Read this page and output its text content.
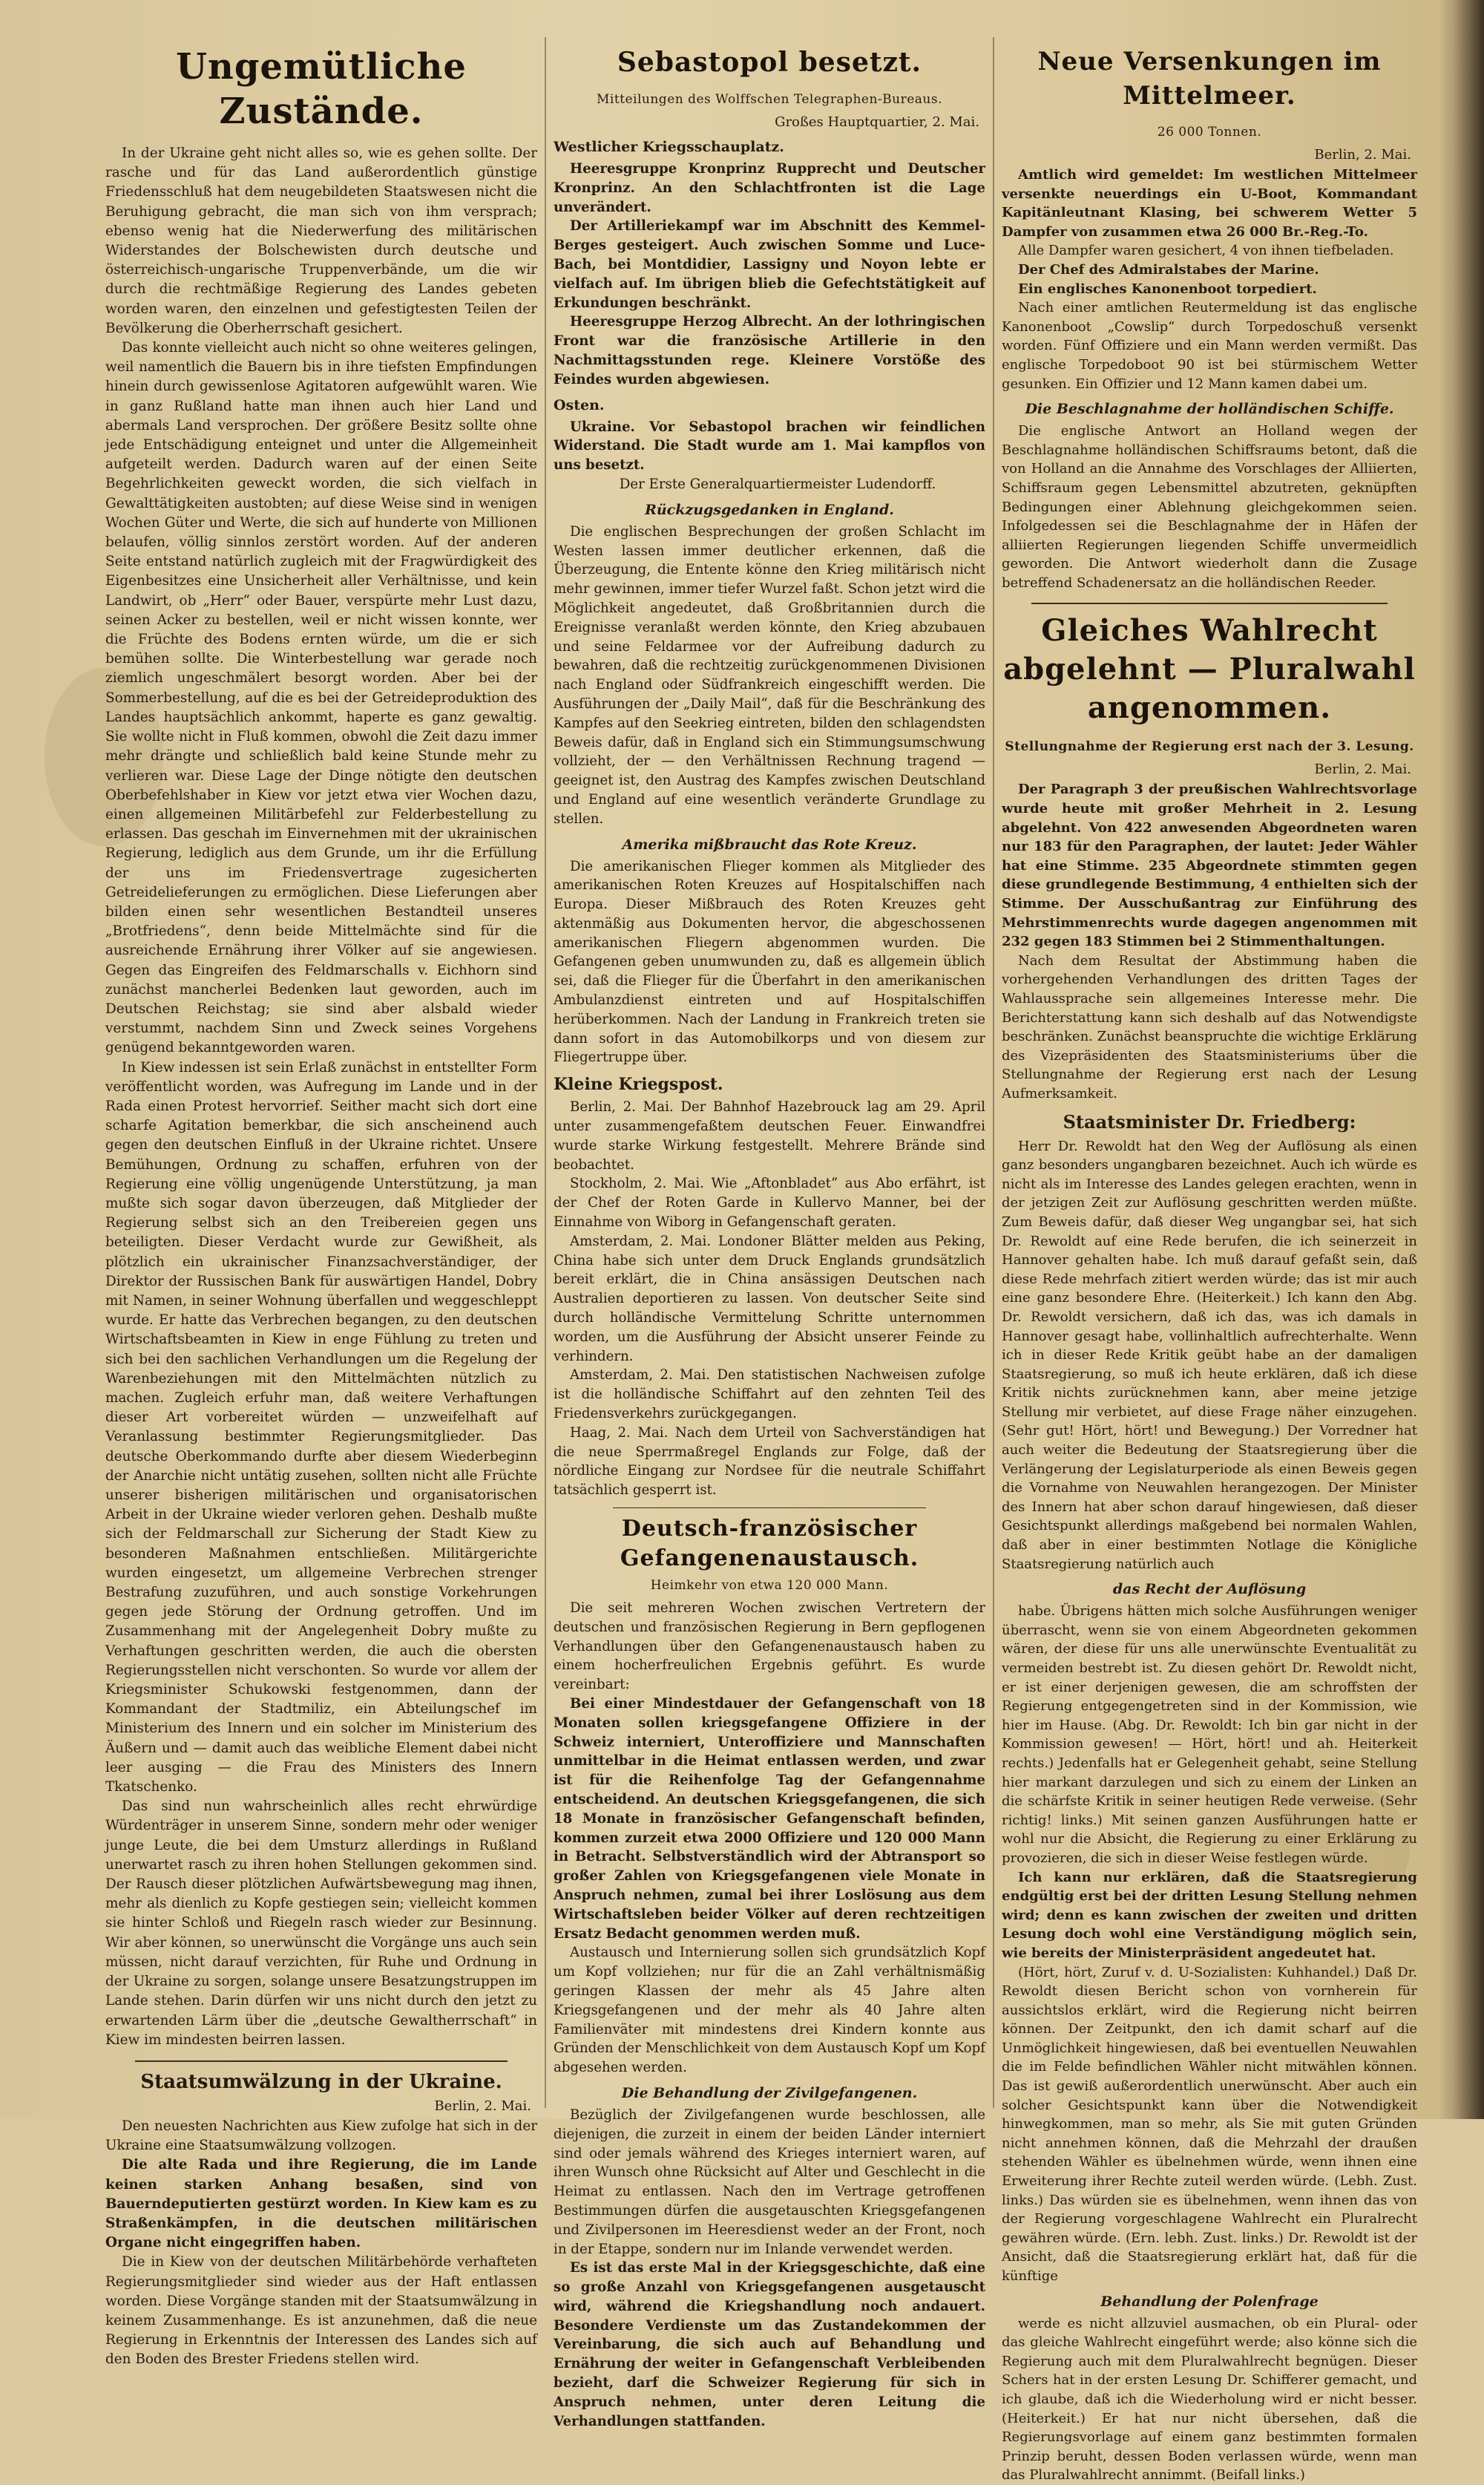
Ungemütliche Zustände.

In der Ukraine geht nicht alles so, wie es gehen sollte. Der rasche und für das Land außerordentlich günstige Friedensschluß hat dem neugebildeten Staatswesen nicht die Beruhigung gebracht, die man sich von ihm versprach; ebenso wenig hat die Niederwerfung des militärischen Widerstandes der Bolschewisten durch deutsche und österreichisch-ungarische Truppenverbände, um die wir durch die rechtmäßige Regierung des Landes gebeten worden waren, den einzelnen und gefestigtesten Teilen der Bevölkerung die Oberherrschaft gesichert.

Das konnte vielleicht auch nicht so ohne weiteres gelingen, weil namentlich die Bauern bis in ihre tiefsten Empfindungen hinein durch gewissenlose Agitatoren aufgewühlt waren. Wie in ganz Rußland hatte man ihnen auch hier Land und abermals Land versprochen. Der größere Besitz sollte ohne jede Entschädigung enteignet und unter die Allgemeinheit aufgeteilt werden. Dadurch waren auf der einen Seite Begehrlichkeiten geweckt worden, die sich vielfach in Gewalttätigkeiten austobten; auf diese Weise sind in wenigen Wochen Güter und Werte, die sich auf hunderte von Millionen belaufen, völlig sinnlos zerstört worden. Auf der anderen Seite entstand natürlich zugleich mit der Fragwürdigkeit des Eigenbesitzes eine Unsicherheit aller Verhältnisse, und kein Landwirt, ob „Herr“ oder Bauer, verspürte mehr Lust dazu, seinen Acker zu bestellen, weil er nicht wissen konnte, wer die Früchte des Bodens ernten würde, um die er sich bemühen sollte. Die Winterbestellung war gerade noch ziemlich ungeschmälert besorgt worden. Aber bei der Sommerbestellung, auf die es bei der Getreideproduktion des Landes hauptsächlich ankommt, haperte es ganz gewaltig. Sie wollte nicht in Fluß kommen, obwohl die Zeit dazu immer mehr drängte und schließlich bald keine Stunde mehr zu verlieren war. Diese Lage der Dinge nötigte den deutschen Oberbefehlshaber in Kiew vor jetzt etwa vier Wochen dazu, einen allgemeinen Militärbefehl zur Felderbestellung zu erlassen. Das geschah im Einvernehmen mit der ukrainischen Regierung, lediglich aus dem Grunde, um ihr die Erfüllung der uns im Friedensvertrage zugesicherten Getreidelieferungen zu ermöglichen. Diese Lieferungen aber bilden einen sehr wesentlichen Bestandteil unseres „Brotfriedens“, denn beide Mittelmächte sind für die ausreichende Ernährung ihrer Völker auf sie angewiesen. Gegen das Eingreifen des Feldmarschalls v. Eichhorn sind zunächst mancherlei Bedenken laut geworden, auch im Deutschen Reichstag; sie sind aber alsbald wieder verstummt, nachdem Sinn und Zweck seines Vorgehens genügend bekanntgeworden waren.

In Kiew indessen ist sein Erlaß zunächst in entstellter Form veröffentlicht worden, was Aufregung im Lande und in der Rada einen Protest hervorrief. Seither macht sich dort eine scharfe Agitation bemerkbar, die sich anscheinend auch gegen den deutschen Einfluß in der Ukraine richtet. Unsere Bemühungen, Ordnung zu schaffen, erfuhren von der Regierung eine völlig ungenügende Unterstützung, ja man mußte sich sogar davon überzeugen, daß Mitglieder der Regierung selbst sich an den Treibereien gegen uns beteiligten. Dieser Verdacht wurde zur Gewißheit, als plötzlich ein ukrainischer Finanzsachverständiger, der Direktor der Russischen Bank für auswärtigen Handel, Dobry mit Namen, in seiner Wohnung überfallen und weggeschleppt wurde. Er hatte das Verbrechen begangen, zu den deutschen Wirtschaftsbeamten in Kiew in enge Fühlung zu treten und sich bei den sachlichen Verhandlungen um die Regelung der Warenbeziehungen mit den Mittelmächten nützlich zu machen. Zugleich erfuhr man, daß weitere Verhaftungen dieser Art vorbereitet würden — unzweifelhaft auf Veranlassung bestimmter Regierungsmitglieder. Das deutsche Oberkommando durfte aber diesem Wiederbeginn der Anarchie nicht untätig zusehen, sollten nicht alle Früchte unserer bisherigen militärischen und organisatorischen Arbeit in der Ukraine wieder verloren gehen. Deshalb mußte sich der Feldmarschall zur Sicherung der Stadt Kiew zu besonderen Maßnahmen entschließen. Militärgerichte wurden eingesetzt, um allgemeine Verbrechen strenger Bestrafung zuzuführen, und auch sonstige Vorkehrungen gegen jede Störung der Ordnung getroffen. Und im Zusammenhang mit der Angelegenheit Dobry mußte zu Verhaftungen geschritten werden, die auch die obersten Regierungsstellen nicht verschonten. So wurde vor allem der Kriegsminister Schukowski festgenommen, dann der Kommandant der Stadtmiliz, ein Abteilungschef im Ministerium des Innern und ein solcher im Ministerium des Äußern und — damit auch das weibliche Element dabei nicht leer ausging — die Frau des Ministers des Innern Tkatschenko.

Das sind nun wahrscheinlich alles recht ehrwürdige Würdenträger in unserem Sinne, sondern mehr oder weniger junge Leute, die bei dem Umsturz allerdings in Rußland unerwartet rasch zu ihren hohen Stellungen gekommen sind. Der Rausch dieser plötzlichen Aufwärtsbewegung mag ihnen, mehr als dienlich zu Kopfe gestiegen sein; vielleicht kommen sie hinter Schloß und Riegeln rasch wieder zur Besinnung. Wir aber können, so unerwünscht die Vorgänge uns auch sein müssen, nicht darauf verzichten, für Ruhe und Ordnung in der Ukraine zu sorgen, solange unsere Besatzungstruppen im Lande stehen. Darin dürfen wir uns nicht durch den jetzt zu erwartenden Lärm über die „deutsche Gewaltherrschaft“ in Kiew im mindesten beirren lassen.

Staatsumwälzung in der Ukraine.
Berlin, 2. Mai.

Den neuesten Nachrichten aus Kiew zufolge hat sich in der Ukraine eine Staatsumwälzung vollzogen.

Die alte Rada und ihre Regierung, die im Lande keinen starken Anhang besaßen, sind von Bauerndeputierten gestürzt worden. In Kiew kam es zu Straßenkämpfen, in die deutschen militärischen Organe nicht eingegriffen haben.

Die in Kiew von der deutschen Militärbehörde verhafteten Regierungsmitglieder sind wieder aus der Haft entlassen worden. Diese Vorgänge standen mit der Staatsumwälzung in keinem Zusammenhange. Es ist anzunehmen, daß die neue Regierung in Erkenntnis der Interessen des Landes sich auf den Boden des Brester Friedens stellen wird.

Sebastopol besetzt.
Mitteilungen des Wolffschen Telegraphen-Bureaus.
Großes Hauptquartier, 2. Mai.
Westlicher Kriegsschauplatz.

Heeresgruppe Kronprinz Rupprecht und Deutscher Kronprinz. An den Schlachtfronten ist die Lage unverändert.

Der Artilleriekampf war im Abschnitt des Kemmel-Berges gesteigert. Auch zwischen Somme und Luce-Bach, bei Montdidier, Lassigny und Noyon lebte er vielfach auf. Im übrigen blieb die Gefechtstätigkeit auf Erkundungen beschränkt.

Heeresgruppe Herzog Albrecht. An der lothringischen Front war die französische Artillerie in den Nachmittagsstunden rege. Kleinere Vorstöße des Feindes wurden abgewiesen.

Osten.

Ukraine. Vor Sebastopol brachen wir feindlichen Widerstand. Die Stadt wurde am 1. Mai kampflos von uns besetzt.

Der Erste Generalquartiermeister Ludendorff.

Rückzugsgedanken in England.

Die englischen Besprechungen der großen Schlacht im Westen lassen immer deutlicher erkennen, daß die Überzeugung, die Entente könne den Krieg militärisch nicht mehr gewinnen, immer tiefer Wurzel faßt. Schon jetzt wird die Möglichkeit angedeutet, daß Großbritannien durch die Ereignisse veranlaßt werden könnte, den Krieg abzubauen und seine Feldarmee vor der Aufreibung dadurch zu bewahren, daß die rechtzeitig zurückgenommenen Divisionen nach England oder Südfrankreich eingeschifft werden. Die Ausführungen der „Daily Mail“, daß für die Beschränkung des Kampfes auf den Seekrieg eintreten, bilden den schlagendsten Beweis dafür, daß in England sich ein Stimmungsumschwung vollzieht, der — den Verhältnissen Rechnung tragend — geeignet ist, den Austrag des Kampfes zwischen Deutschland und England auf eine wesentlich veränderte Grundlage zu stellen.

Amerika mißbraucht das Rote Kreuz.

Die amerikanischen Flieger kommen als Mitglieder des amerikanischen Roten Kreuzes auf Hospitalschiffen nach Europa. Dieser Mißbrauch des Roten Kreuzes geht aktenmäßig aus Dokumenten hervor, die abgeschossenen amerikanischen Fliegern abgenommen wurden. Die Gefangenen geben unumwunden zu, daß es allgemein üblich sei, daß die Flieger für die Überfahrt in den amerikanischen Ambulanzdienst eintreten und auf Hospitalschiffen herüberkommen. Nach der Landung in Frankreich treten sie dann sofort in das Automobilkorps und von diesem zur Fliegertruppe über.

Kleine Kriegspost.

Berlin, 2. Mai. Der Bahnhof Hazebrouck lag am 29. April unter zusammengefaßtem deutschen Feuer. Einwandfrei wurde starke Wirkung festgestellt. Mehrere Brände sind beobachtet.

Stockholm, 2. Mai. Wie „Aftonbladet“ aus Abo erfährt, ist der Chef der Roten Garde in Kullervo Manner, bei der Einnahme von Wiborg in Gefangenschaft geraten.

Amsterdam, 2. Mai. Londoner Blätter melden aus Peking, China habe sich unter dem Druck Englands grundsätzlich bereit erklärt, die in China ansässigen Deutschen nach Australien deportieren zu lassen. Von deutscher Seite sind durch holländische Vermittelung Schritte unternommen worden, um die Ausführung der Absicht unserer Feinde zu verhindern.

Amsterdam, 2. Mai. Den statistischen Nachweisen zufolge ist die holländische Schiffahrt auf den zehnten Teil des Friedensverkehrs zurückgegangen.

Haag, 2. Mai. Nach dem Urteil von Sachverständigen hat die neue Sperrmaßregel Englands zur Folge, daß der nördliche Eingang zur Nordsee für die neutrale Schiffahrt tatsächlich gesperrt ist.

Deutsch-französischer Gefangenenaustausch.
Heimkehr von etwa 120 000 Mann.

Die seit mehreren Wochen zwischen Vertretern der deutschen und französischen Regierung in Bern gepflogenen Verhandlungen über den Gefangenenaustausch haben zu einem hocherfreulichen Ergebnis geführt. Es wurde vereinbart:

Bei einer Mindestdauer der Gefangenschaft von 18 Monaten sollen kriegsgefangene Offiziere in der Schweiz interniert, Unteroffiziere und Mannschaften unmittelbar in die Heimat entlassen werden, und zwar ist für die Reihenfolge Tag der Gefangennahme entscheidend. An deutschen Kriegsgefangenen, die sich 18 Monate in französischer Gefangenschaft befinden, kommen zurzeit etwa 2000 Offiziere und 120 000 Mann in Betracht. Selbstverständlich wird der Abtransport so großer Zahlen von Kriegsgefangenen viele Monate in Anspruch nehmen, zumal bei ihrer Loslösung aus dem Wirtschaftsleben beider Völker auf deren rechtzeitigen Ersatz Bedacht genommen werden muß.

Austausch und Internierung sollen sich grundsätzlich Kopf um Kopf vollziehen; nur für die an Zahl verhältnismäßig geringen Klassen der mehr als 45 Jahre alten Kriegsgefangenen und der mehr als 40 Jahre alten Familienväter mit mindestens drei Kindern konnte aus Gründen der Menschlichkeit von dem Austausch Kopf um Kopf abgesehen werden.

Die Behandlung der Zivilgefangenen.

Bezüglich der Zivilgefangenen wurde beschlossen, alle diejenigen, die zurzeit in einem der beiden Länder interniert sind oder jemals während des Krieges interniert waren, auf ihren Wunsch ohne Rücksicht auf Alter und Geschlecht in die Heimat zu entlassen. Nach den im Vertrage getroffenen Bestimmungen dürfen die ausgetauschten Kriegsgefangenen und Zivilpersonen im Heeresdienst weder an der Front, noch in der Etappe, sondern nur im Inlande verwendet werden.

Es ist das erste Mal in der Kriegsgeschichte, daß eine so große Anzahl von Kriegsgefangenen ausgetauscht wird, während die Kriegshandlung noch andauert. Besondere Verdienste um das Zustandekommen der Vereinbarung, die sich auch auf Behandlung und Ernährung der weiter in Gefangenschaft Verbleibenden bezieht, darf die Schweizer Regierung für sich in Anspruch nehmen, unter deren Leitung die Verhandlungen stattfanden.

Neue Versenkungen im Mittelmeer.
26 000 Tonnen.
Berlin, 2. Mai.

Amtlich wird gemeldet: Im westlichen Mittelmeer versenkte neuerdings ein U-Boot, Kommandant Kapitänleutnant Klasing, bei schwerem Wetter 5 Dampfer von zusammen etwa 26 000 Br.-Reg.-To.

Alle Dampfer waren gesichert, 4 von ihnen tiefbeladen.

Der Chef des Admiralstabes der Marine.

Ein englisches Kanonenboot torpediert.

Nach einer amtlichen Reutermeldung ist das englische Kanonenboot „Cowslip“ durch Torpedoschuß versenkt worden. Fünf Offiziere und ein Mann werden vermißt. Das englische Torpedoboot 90 ist bei stürmischem Wetter gesunken. Ein Offizier und 12 Mann kamen dabei um.

Die Beschlagnahme der holländischen Schiffe.

Die englische Antwort an Holland wegen der Beschlagnahme holländischen Schiffsraums betont, daß die von Holland an die Annahme des Vorschlages der Alliierten, Schiffsraum gegen Lebensmittel abzutreten, geknüpften Bedingungen einer Ablehnung gleichgekommen seien. Infolgedessen sei die Beschlagnahme der in Häfen der alliierten Regierungen liegenden Schiffe unvermeidlich geworden. Die Antwort wiederholt dann die Zusage betreffend Schadenersatz an die holländischen Reeder.

Gleiches Wahlrecht abgelehnt — Pluralwahl angenommen.
Stellungnahme der Regierung erst nach der 3. Lesung.
Berlin, 2. Mai.

Der Paragraph 3 der preußischen Wahlrechtsvorlage wurde heute mit großer Mehrheit in 2. Lesung abgelehnt. Von 422 anwesenden Abgeordneten waren nur 183 für den Paragraphen, der lautet: Jeder Wähler hat eine Stimme. 235 Abgeordnete stimmten gegen diese grundlegende Bestimmung, 4 enthielten sich der Stimme. Der Ausschußantrag zur Einführung des Mehrstimmenrechts wurde dagegen angenommen mit 232 gegen 183 Stimmen bei 2 Stimmenthaltungen.

Nach dem Resultat der Abstimmung haben die vorhergehenden Verhandlungen des dritten Tages der Wahlaussprache sein allgemeines Interesse mehr. Die Berichterstattung kann sich deshalb auf das Notwendigste beschränken. Zunächst beanspruchte die wichtige Erklärung des Vizepräsidenten des Staatsministeriums über die Stellungnahme der Regierung erst nach der Lesung Aufmerksamkeit.

Staatsminister Dr. Friedberg:

Herr Dr. Rewoldt hat den Weg der Auflösung als einen ganz besonders ungangbaren bezeichnet. Auch ich würde es nicht als im Interesse des Landes gelegen erachten, wenn in der jetzigen Zeit zur Auflösung geschritten werden müßte. Zum Beweis dafür, daß dieser Weg ungangbar sei, hat sich Dr. Rewoldt auf eine Rede berufen, die ich seinerzeit in Hannover gehalten habe. Ich muß darauf gefaßt sein, daß diese Rede mehrfach zitiert werden würde; das ist mir auch eine ganz besondere Ehre. (Heiterkeit.) Ich kann den Abg. Dr. Rewoldt versichern, daß ich das, was ich damals in Hannover gesagt habe, vollinhaltlich aufrechterhalte. Wenn ich in dieser Rede Kritik geübt habe an der damaligen Staatsregierung, so muß ich heute erklären, daß ich diese Kritik nichts zurücknehmen kann, aber meine jetzige Stellung mir verbietet, auf diese Frage näher einzugehen. (Sehr gut! Hört, hört! und Bewegung.) Der Vorredner hat auch weiter die Bedeutung der Staatsregierung über die Verlängerung der Legislaturperiode als einen Beweis gegen die Vornahme von Neuwahlen herangezogen. Der Minister des Innern hat aber schon darauf hingewiesen, daß dieser Gesichtspunkt allerdings maßgebend bei normalen Wahlen, daß aber in einer bestimmten Notlage die Königliche Staatsregierung natürlich auch

das Recht der Auflösung

habe. Übrigens hätten mich solche Ausführungen weniger überrascht, wenn sie von einem Abgeordneten gekommen wären, der diese für uns alle unerwünschte Eventualität zu vermeiden bestrebt ist. Zu diesen gehört Dr. Rewoldt nicht, er ist einer derjenigen gewesen, die am schroffsten der Regierung entgegengetreten sind in der Kommission, wie hier im Hause. (Abg. Dr. Rewoldt: Ich bin gar nicht in der Kommission gewesen! — Hört, hört! und ah. Heiterkeit rechts.) Jedenfalls hat er Gelegenheit gehabt, seine Stellung hier markant darzulegen und sich zu einem der Linken an die schärfste Kritik in seiner heutigen Rede verweise. (Sehr richtig! links.) Mit seinen ganzen Ausführungen hatte er wohl nur die Absicht, die Regierung zu einer Erklärung zu provozieren, die sich in dieser Weise festlegen würde.

Ich kann nur erklären, daß die Staatsregierung endgültig erst bei der dritten Lesung Stellung nehmen wird; denn es kann zwischen der zweiten und dritten Lesung doch wohl eine Verständigung möglich sein, wie bereits der Ministerpräsident angedeutet hat.

(Hört, hört, Zuruf v. d. U-Sozialisten: Kuhhandel.) Daß Dr. Rewoldt diesen Bericht schon von vornherein für aussichtslos erklärt, wird die Regierung nicht beirren können. Der Zeitpunkt, den ich damit scharf auf die Unmöglichkeit hingewiesen, daß bei eventuellen Neuwahlen die im Felde befindlichen Wähler nicht mitwählen können. Das ist gewiß außerordentlich unerwünscht. Aber auch ein solcher Gesichtspunkt kann über die Notwendigkeit hinwegkommen, man so mehr, als Sie mit guten Gründen nicht annehmen können, daß die Mehrzahl der draußen stehenden Wähler es übelnehmen würde, wenn ihnen eine Erweiterung ihrer Rechte zuteil werden würde. (Lebh. Zust. links.) Das würden sie es übelnehmen, wenn ihnen das von der Regierung vorgeschlagene Wahlrecht ein Pluralrecht gewähren würde. (Ern. lebh. Zust. links.) Dr. Rewoldt ist der Ansicht, daß die Staatsregierung erklärt hat, daß für die künftige

Behandlung der Polenfrage

werde es nicht allzuviel ausmachen, ob ein Plural- oder das gleiche Wahlrecht eingeführt werde; also könne sich die Regierung auch mit dem Pluralwahlrecht begnügen. Dieser Schers hat in der ersten Lesung Dr. Schifferer gemacht, und ich glaube, daß ich die Wiederholung wird er nicht besser. (Heiterkeit.) Er hat nur nicht übersehen, daß die Regierungsvorlage auf einem ganz bestimmten formalen Prinzip beruht, dessen Boden verlassen würde, wenn man das Pluralwahlrecht annimmt. (Beifall links.)
